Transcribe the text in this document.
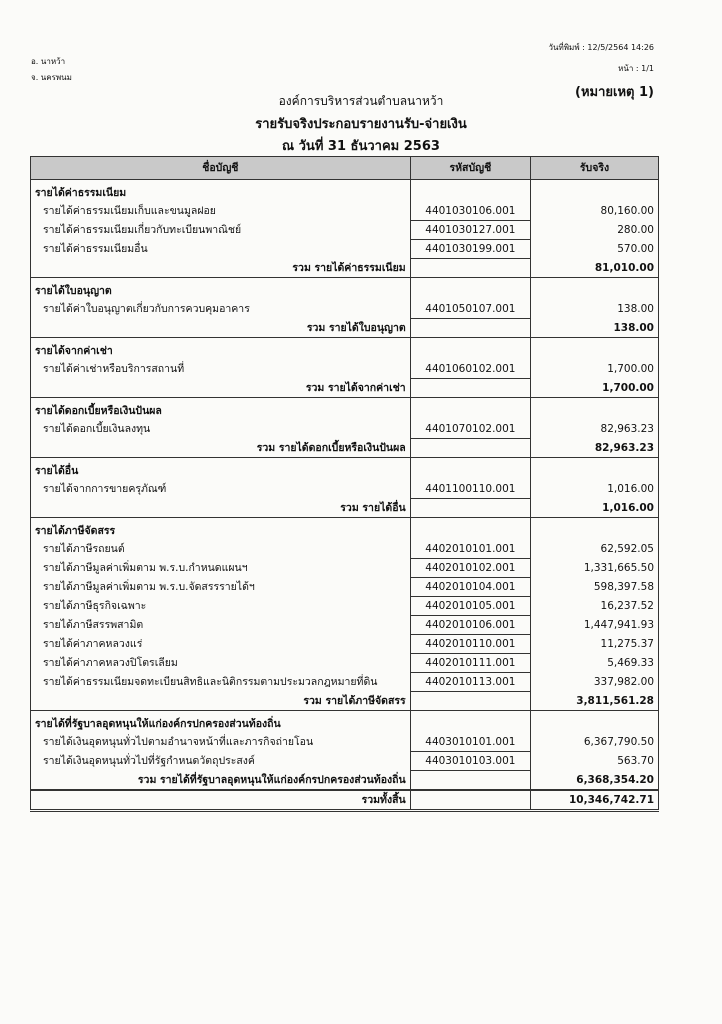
อ. นาหว้า
จ. นครพนม
วันที่พิมพ์ : 12/5/2564 14:26
หน้า : 1/1
องค์การบริหารส่วนตำบลนาหว้า
(หมายเหตุ 1)
รายรับจริงประกอบรายงานรับ-จ่ายเงิน
ณ วันที่ 31 ธันวาคม 2563
ชื่อบัญชี	รหัสบัญชี	รับจริง
รายได้ค่าธรรมเนียม		
รายได้ค่าธรรมเนียมเก็บและขนมูลฝอย	4401030106.001	80,160.00
รายได้ค่าธรรมเนียมเกี่ยวกับทะเบียนพาณิชย์	4401030127.001	280.00
รายได้ค่าธรรมเนียมอื่น	4401030199.001	570.00
รวม รายได้ค่าธรรมเนียม		81,010.00
รายได้ใบอนุญาต		
รายได้ค่าใบอนุญาตเกี่ยวกับการควบคุมอาคาร	4401050107.001	138.00
รวม รายได้ใบอนุญาต		138.00
รายได้จากค่าเช่า		
รายได้ค่าเช่าหรือบริการสถานที่	4401060102.001	1,700.00
รวม รายได้จากค่าเช่า		1,700.00
รายได้ดอกเบี้ยหรือเงินปันผล		
รายได้ดอกเบี้ยเงินลงทุน	4401070102.001	82,963.23
รวม รายได้ดอกเบี้ยหรือเงินปันผล		82,963.23
รายได้อื่น		
รายได้จากการขายครุภัณฑ์	4401100110.001	1,016.00
รวม รายได้อื่น		1,016.00
รายได้ภาษีจัดสรร		
รายได้ภาษีรถยนต์	4402010101.001	62,592.05
รายได้ภาษีมูลค่าเพิ่มตาม พ.ร.บ.กำหนดแผนฯ	4402010102.001	1,331,665.50
รายได้ภาษีมูลค่าเพิ่มตาม พ.ร.บ.จัดสรรรายได้ฯ	4402010104.001	598,397.58
รายได้ภาษีธุรกิจเฉพาะ	4402010105.001	16,237.52
รายได้ภาษีสรรพสามิต	4402010106.001	1,447,941.93
รายได้ค่าภาคหลวงแร่	4402010110.001	11,275.37
รายได้ค่าภาคหลวงปิโตรเลียม	4402010111.001	5,469.33
รายได้ค่าธรรมเนียมจดทะเบียนสิทธิและนิติกรรมตามประมวลกฎหมายที่ดิน	4402010113.001	337,982.00
รวม รายได้ภาษีจัดสรร		3,811,561.28
รายได้ที่รัฐบาลอุดหนุนให้แก่องค์กรปกครองส่วนท้องถิ่น		
รายได้เงินอุดหนุนทั่วไปตามอำนาจหน้าที่และภารกิจถ่ายโอน	4403010101.001	6,367,790.50
รายได้เงินอุดหนุนทั่วไปที่รัฐกำหนดวัตถุประสงค์	4403010103.001	563.70
รวม รายได้ที่รัฐบาลอุดหนุนให้แก่องค์กรปกครองส่วนท้องถิ่น		6,368,354.20
รวมทั้งสิ้น		10,346,742.71
